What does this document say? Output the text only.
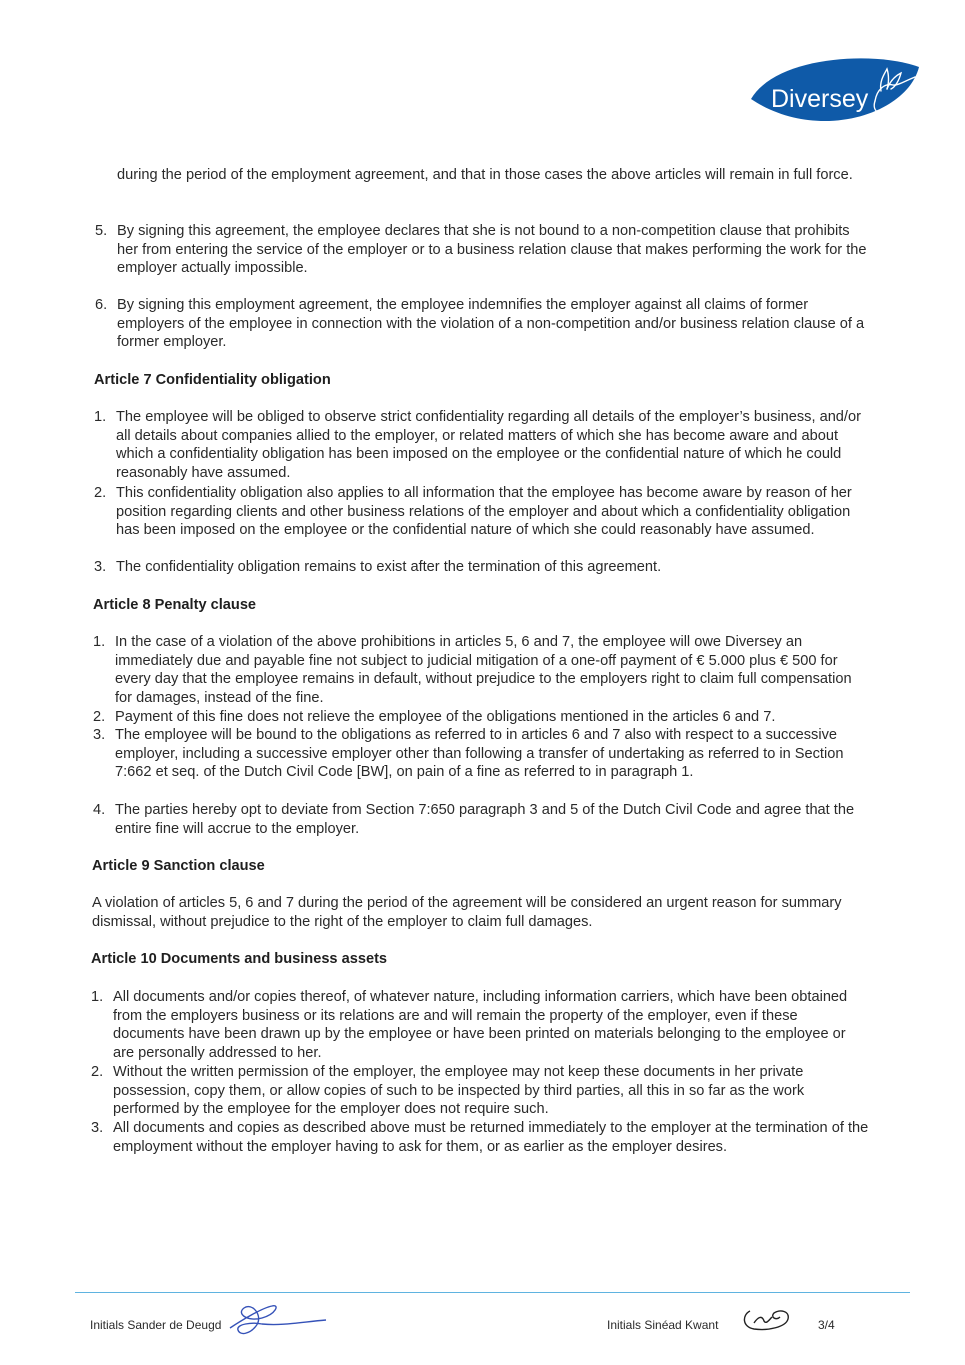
Diversey
™

during the period of the employment agreement, and that in those cases the above articles will remain in full force.

5. By signing this agreement, the employee declares that she is not bound to a non-competition clause that prohibits her from entering the service of the employer or to a business relation clause that makes performing the work for the employer actually impossible.
6. By signing this employment agreement, the employee indemnifies the employer against all claims of former employers of the employee in connection with the violation of a non-competition and/or business relation clause of a former employer.
Article 7 Confidentiality obligation
1. The employee will be obliged to observe strict confidentiality regarding all details of the employer’s business, and/or all details about companies allied to the employer, or related matters of which she has become aware and about which a confidentiality obligation has been imposed on the employee or the confidential nature of which he could reasonably have assumed.
2. This confidentiality obligation also applies to all information that the employee has become aware by reason of her position regarding clients and other business relations of the employer and about which a confidentiality obligation has been imposed on the employee or the confidential nature of which she could reasonably have assumed.
3. The confidentiality obligation remains to exist after the termination of this agreement.
Article 8 Penalty clause
1. In the case of a violation of the above prohibitions in articles 5, 6 and 7, the employee will owe Diversey an immediately due and payable fine not subject to judicial mitigation of a one-off payment of € 5.000 plus € 500 for every day that the employee remains in default, without prejudice to the employers right to claim full compensation for damages, instead of the fine.
2. Payment of this fine does not relieve the employee of the obligations mentioned in the articles 6 and 7.
3. The employee will be bound to the obligations as referred to in articles 6 and 7 also with respect to a successive employer, including a successive employer other than following a transfer of undertaking as referred to in Section 7:662 et seq. of the Dutch Civil Code [BW], on pain of a fine as referred to in paragraph 1.
4. The parties hereby opt to deviate from Section 7:650 paragraph 3 and 5 of the Dutch Civil Code and agree that the entire fine will accrue to the employer.
Article 9 Sanction clause

A violation of articles 5, 6 and 7 during the period of the agreement will be considered an urgent reason for summary dismissal, without prejudice to the right of the employer to claim full damages.

Article 10 Documents and business assets
1. All documents and/or copies thereof, of whatever nature, including information carriers, which have been obtained from the employers business or its relations are and will remain the property of the employer, even if these documents have been drawn up by the employee or have been printed on materials belonging to the employee or are personally addressed to her.
2. Without the written permission of the employer, the employee may not keep these documents in her private possession, copy them, or allow copies of such to be inspected by third parties, all this in so far as the work performed by the employee for the employer does not require such.
3. All documents and copies as described above must be returned immediately to the employer at the termination of the employment without the employer having to ask for them, or as earlier as the employer desires.
Initials Sander de Deugd	Initials Sinéad Kwant	3/4
